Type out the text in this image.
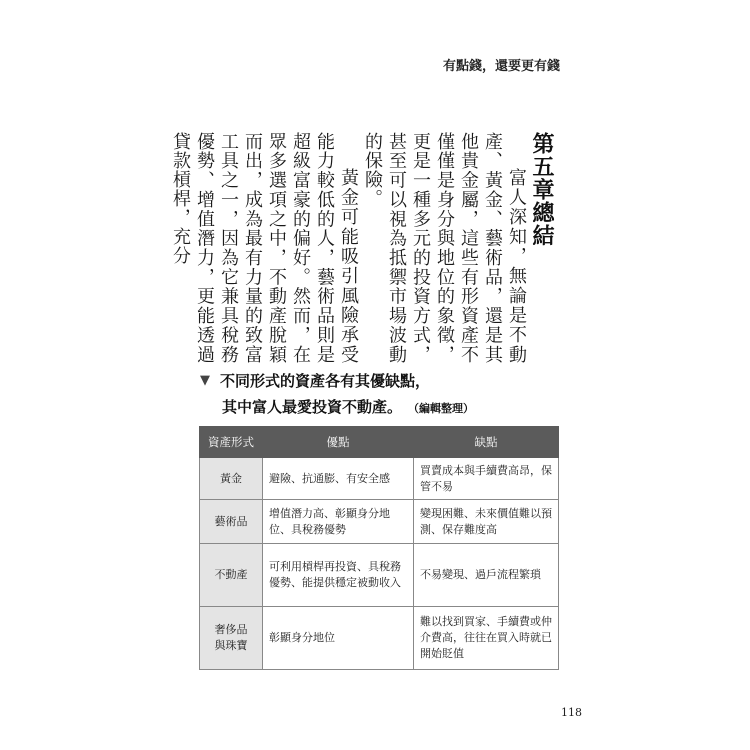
有點錢，還要更有錢
第五章總結

富人深知，無論是不動產、黃金、藝術品，還是其他貴金屬，這些有形資產不僅僅是身分與地位的象徵，更是一種多元的投資方式，甚至可以視為抵禦市場波動的保險。

黃金可能吸引風險承受能力較低的人，藝術品則是超級富豪的偏好。然而，在眾多選項之中，不動產脫穎而出，成為最有力量的致富工具之一，因為它兼具稅務優勢、增值潛力，更能透過貸款槓桿，充分

▼ 不同形式的資產各有其優缺點，
其中富人最愛投資不動產。 （編輯整理）
資產形式	優點	缺點
黃金	避險、抗通膨、有安全感	買賣成本與手續費高昂，保管不易
藝術品	增值潛力高、彰顯身分地位、具稅務優勢	變現困難、未來價值難以預測、保存難度高
不動產	可利用槓桿再投資、具稅務優勢、能提供穩定被動收入	不易變現、過戶流程繁瑣

奢侈品
與珠寶	彰顯身分地位	難以找到買家、手續費或仲介費高，往往在買入時就已開始貶值
118
